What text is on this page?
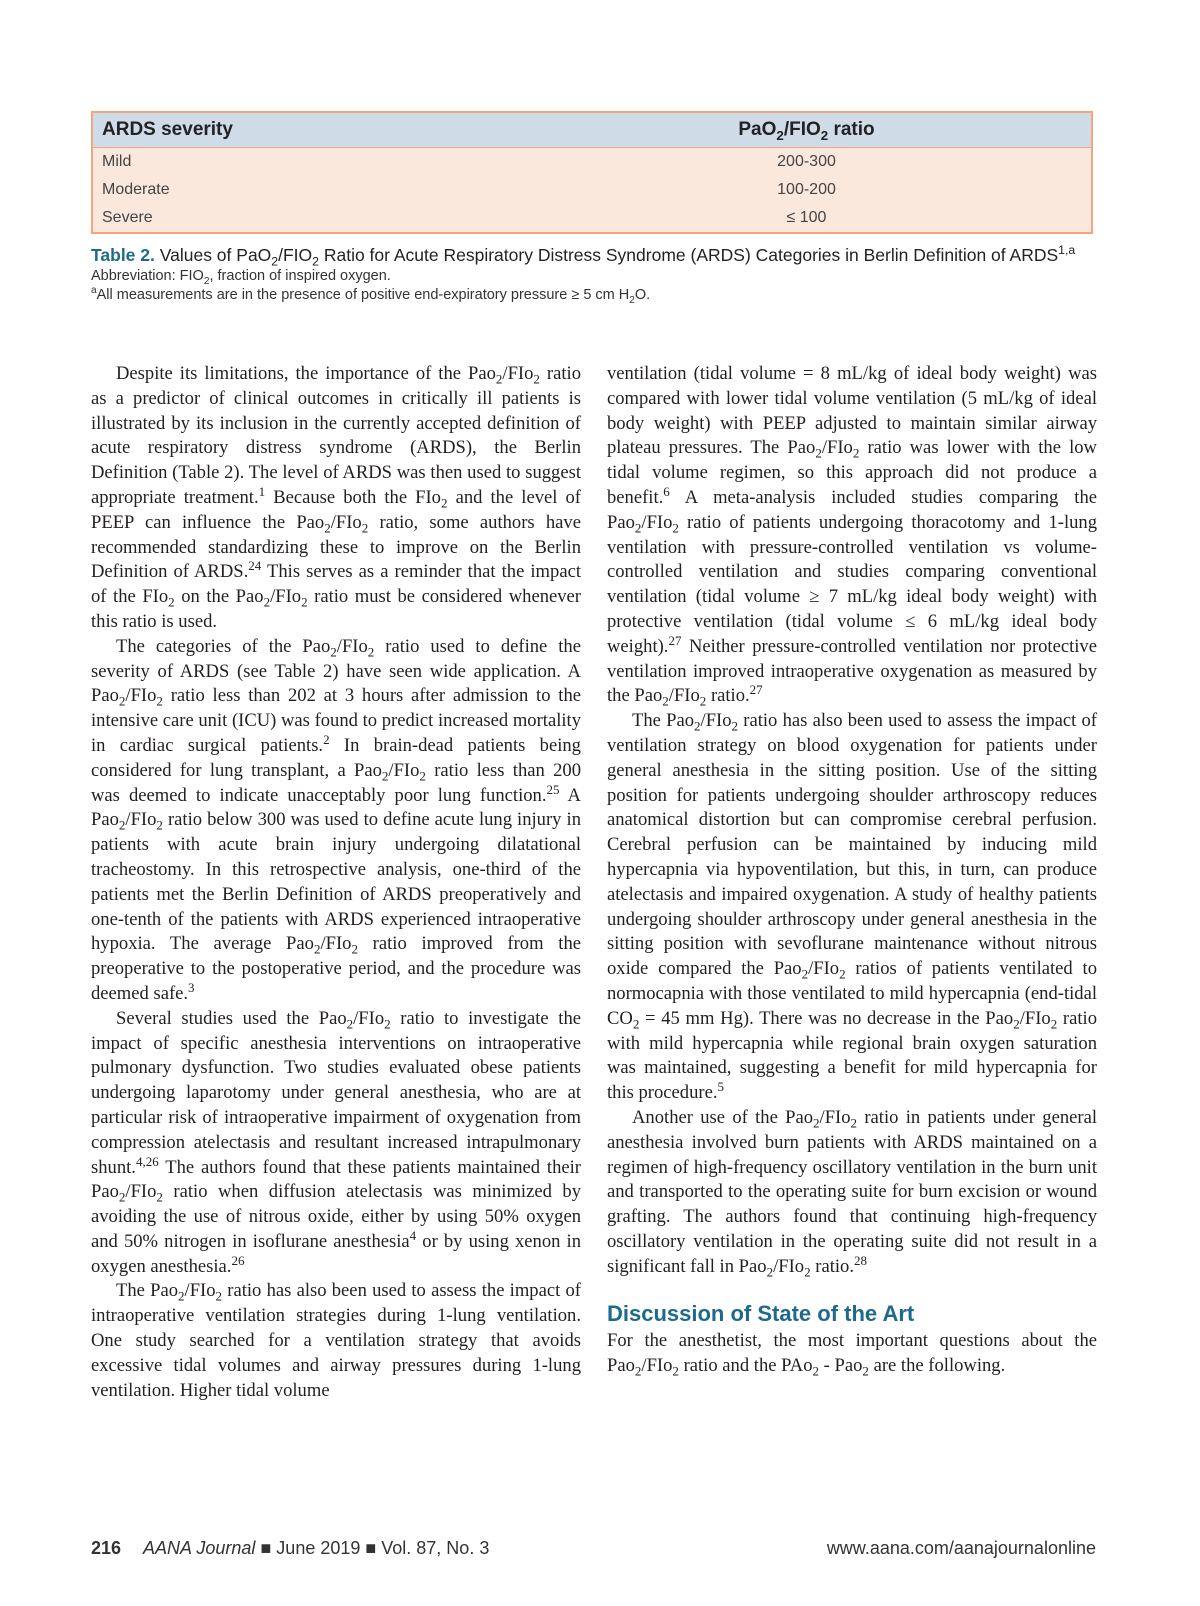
ARDS severity	$PaO_2/FIO_2$ ratio
Mild	200-300
Moderate	100-200
Severe	≤ 100
Table 2. Values of $PaO_2/FIO_2$ Ratio for Acute Respiratory Distress Syndrome (ARDS) Categories in Berlin Definition of ARDS$^{1,a}$
Abbreviation: $FIO_2$, fraction of inspired oxygen.
$^a$All measurements are in the presence of positive end-expiratory pressure ≥ 5 cm $H_2O$.

Despite its limitations, the importance of the Pao$_2$/FIo$_2$ ratio as a predictor of clinical outcomes in critically ill patients is illustrated by its inclusion in the currently accepted definition of acute respiratory distress syndrome (ARDS), the Berlin Definition (Table 2). The level of ARDS was then used to suggest appropriate treatment.$^1$ Because both the FIo$_2$ and the level of PEEP can influence the Pao$_2$/FIo$_2$ ratio, some authors have recommended standardizing these to improve on the Berlin Definition of ARDS.$^{24}$ This serves as a reminder that the impact of the FIo$_2$ on the Pao$_2$/FIo$_2$ ratio must be considered whenever this ratio is used.

The categories of the Pao$_2$/FIo$_2$ ratio used to define the severity of ARDS (see Table 2) have seen wide application. A Pao$_2$/FIo$_2$ ratio less than 202 at 3 hours after admission to the intensive care unit (ICU) was found to predict increased mortality in cardiac surgical patients.$^2$ In brain-dead patients being considered for lung transplant, a Pao$_2$/FIo$_2$ ratio less than 200 was deemed to indicate unacceptably poor lung function.$^{25}$ A Pao$_2$/FIo$_2$ ratio below 300 was used to define acute lung injury in patients with acute brain injury undergoing dilatational tracheostomy. In this retrospective analysis, one-third of the patients met the Berlin Definition of ARDS preoperatively and one-tenth of the patients with ARDS experienced intraoperative hypoxia. The average Pao$_2$/FIo$_2$ ratio improved from the preoperative to the postoperative period, and the procedure was deemed safe.$^3$

Several studies used the Pao$_2$/FIo$_2$ ratio to investigate the impact of specific anesthesia interventions on intraoperative pulmonary dysfunction. Two studies evaluated obese patients undergoing laparotomy under general anesthesia, who are at particular risk of intraoperative impairment of oxygenation from compression atelectasis and resultant increased intrapulmonary shunt.$^{4,26}$ The authors found that these patients maintained their Pao$_2$/FIo$_2$ ratio when diffusion atelectasis was minimized by avoiding the use of nitrous oxide, either by using 50% oxygen and 50% nitrogen in isoflurane anesthesia$^4$ or by using xenon in oxygen anesthesia.$^{26}$

The Pao$_2$/FIo$_2$ ratio has also been used to assess the impact of intraoperative ventilation strategies during 1-lung ventilation. One study searched for a ventilation strategy that avoids excessive tidal volumes and airway pressures during 1-lung ventilation. Higher tidal volume

ventilation (tidal volume = 8 mL/kg of ideal body weight) was compared with lower tidal volume ventilation (5 mL/kg of ideal body weight) with PEEP adjusted to maintain similar airway plateau pressures. The Pao$_2$/FIo$_2$ ratio was lower with the low tidal volume regimen, so this approach did not produce a benefit.$^6$ A meta-analysis included studies comparing the Pao$_2$/FIo$_2$ ratio of patients undergoing thoracotomy and 1-lung ventilation with pressure-controlled ventilation vs volume-controlled ventilation and studies comparing conventional ventilation (tidal volume ≥ 7 mL/kg ideal body weight) with protective ventilation (tidal volume ≤ 6 mL/kg ideal body weight).$^{27}$ Neither pressure-controlled ventilation nor protective ventilation improved intraoperative oxygenation as measured by the Pao$_2$/FIo$_2$ ratio.$^{27}$

The Pao$_2$/FIo$_2$ ratio has also been used to assess the impact of ventilation strategy on blood oxygenation for patients under general anesthesia in the sitting position. Use of the sitting position for patients undergoing shoulder arthroscopy reduces anatomical distortion but can compromise cerebral perfusion. Cerebral perfusion can be maintained by inducing mild hypercapnia via hypoventilation, but this, in turn, can produce atelectasis and impaired oxygenation. A study of healthy patients undergoing shoulder arthroscopy under general anesthesia in the sitting position with sevoflurane maintenance without nitrous oxide compared the Pao$_2$/FIo$_2$ ratios of patients ventilated to normocapnia with those ventilated to mild hypercapnia (end-tidal $CO_2 = 45$ mm Hg). There was no decrease in the Pao$_2$/FIo$_2$ ratio with mild hypercapnia while regional brain oxygen saturation was maintained, suggesting a benefit for mild hypercapnia for this procedure.$^5$

Another use of the Pao$_2$/FIo$_2$ ratio in patients under general anesthesia involved burn patients with ARDS maintained on a regimen of high-frequency oscillatory ventilation in the burn unit and transported to the operating suite for burn excision or wound grafting. The authors found that continuing high-frequency oscillatory ventilation in the operating suite did not result in a significant fall in Pao$_2$/FIo$_2$ ratio.$^{28}$

Discussion of State of the Art

For the anesthetist, the most important questions about the Pao$_2$/FIo$_2$ ratio and the PAo$_2$ - Pao$_2$ are the following.

216 AANA Journal ■ June 2019 ■ Vol. 87, No. 3	www.aana.com/aanajournalonline
